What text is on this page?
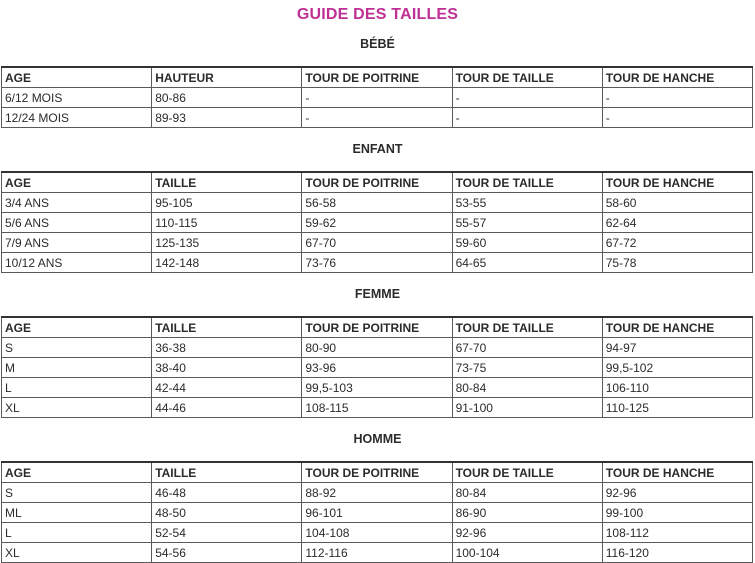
GUIDE DES TAILLES
BÉBÉ
AGE	HAUTEUR	TOUR DE POITRINE	TOUR DE TAILLE	TOUR DE HANCHE
6/12 MOIS	80-86	-	-	-
12/24 MOIS	89-93	-	-	-
ENFANT
AGE	TAILLE	TOUR DE POITRINE	TOUR DE TAILLE	TOUR DE HANCHE
3/4 ANS	95-105	56-58	53-55	58-60
5/6 ANS	110-115	59-62	55-57	62-64
7/9 ANS	125-135	67-70	59-60	67-72
10/12 ANS	142-148	73-76	64-65	75-78
FEMME
AGE	TAILLE	TOUR DE POITRINE	TOUR DE TAILLE	TOUR DE HANCHE
S	36-38	80-90	67-70	94-97
M	38-40	93-96	73-75	99,5-102
L	42-44	99,5-103	80-84	106-110
XL	44-46	108-115	91-100	110-125
HOMME
AGE	TAILLE	TOUR DE POITRINE	TOUR DE TAILLE	TOUR DE HANCHE
S	46-48	88-92	80-84	92-96
ML	48-50	96-101	86-90	99-100
L	52-54	104-108	92-96	108-112
XL	54-56	112-116	100-104	116-120
